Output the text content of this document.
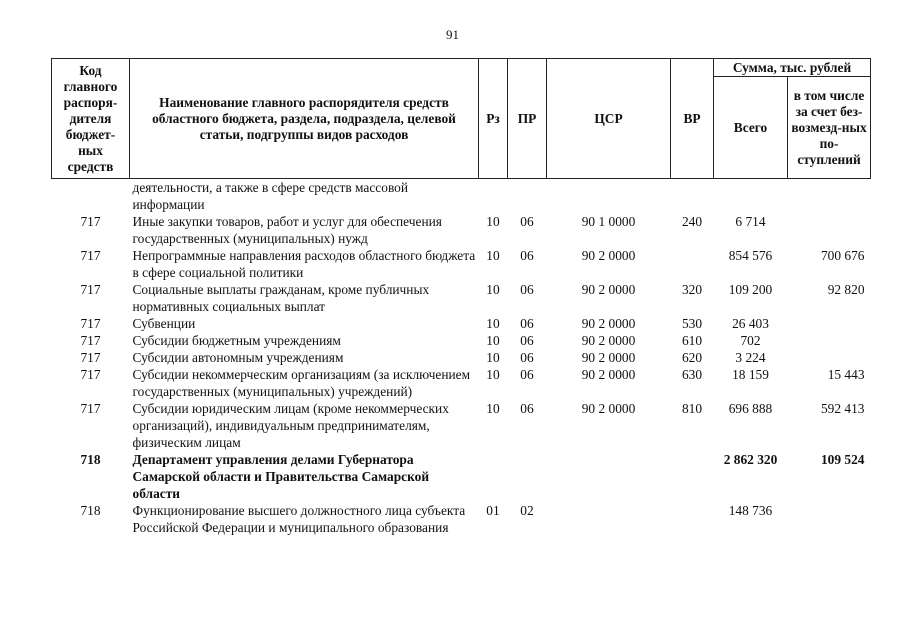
91
Код главного распоря-дителя бюджет-ных средств	Наименование главного распорядителя средств областного бюджета, раздела, подраздела, целевой статьи, подгруппы видов расходов	Рз	ПР	ЦСР	ВР	Сумма, тыс. рублей	
						Всего	в том числе за счет без-возмезд-ных по-ступлений
	деятельности, а также в сфере средств массовой информации						
717	Иные закупки товаров, работ и услуг для обеспечения государственных (муниципальных) нужд	10	06	90 1 0000	240	6 714	
717	Непрограммные направления расходов областного бюджета в сфере социальной политики	10	06	90 2 0000		854 576	700 676
717	Социальные выплаты гражданам, кроме публичных нормативных социальных выплат	10	06	90 2 0000	320	109 200	92 820
717	Субвенции	10	06	90 2 0000	530	26 403	
717	Субсидии бюджетным учреждениям	10	06	90 2 0000	610	702	
717	Субсидии автономным учреждениям	10	06	90 2 0000	620	3 224	
717	Субсидии некоммерческим организациям (за исключением государственных (муниципальных) учреждений)	10	06	90 2 0000	630	18 159	15 443
717	Субсидии юридическим лицам (кроме некоммерческих организаций), индивидуальным предпринимателям, физическим лицам	10	06	90 2 0000	810	696 888	592 413
718	Департамент управления делами Губернатора Самарской области и Правительства Самарской области					2 862 320	109 524
718	Функционирование высшего должностного лица субъекта Российской Федерации и муниципального образования	01	02			148 736	
